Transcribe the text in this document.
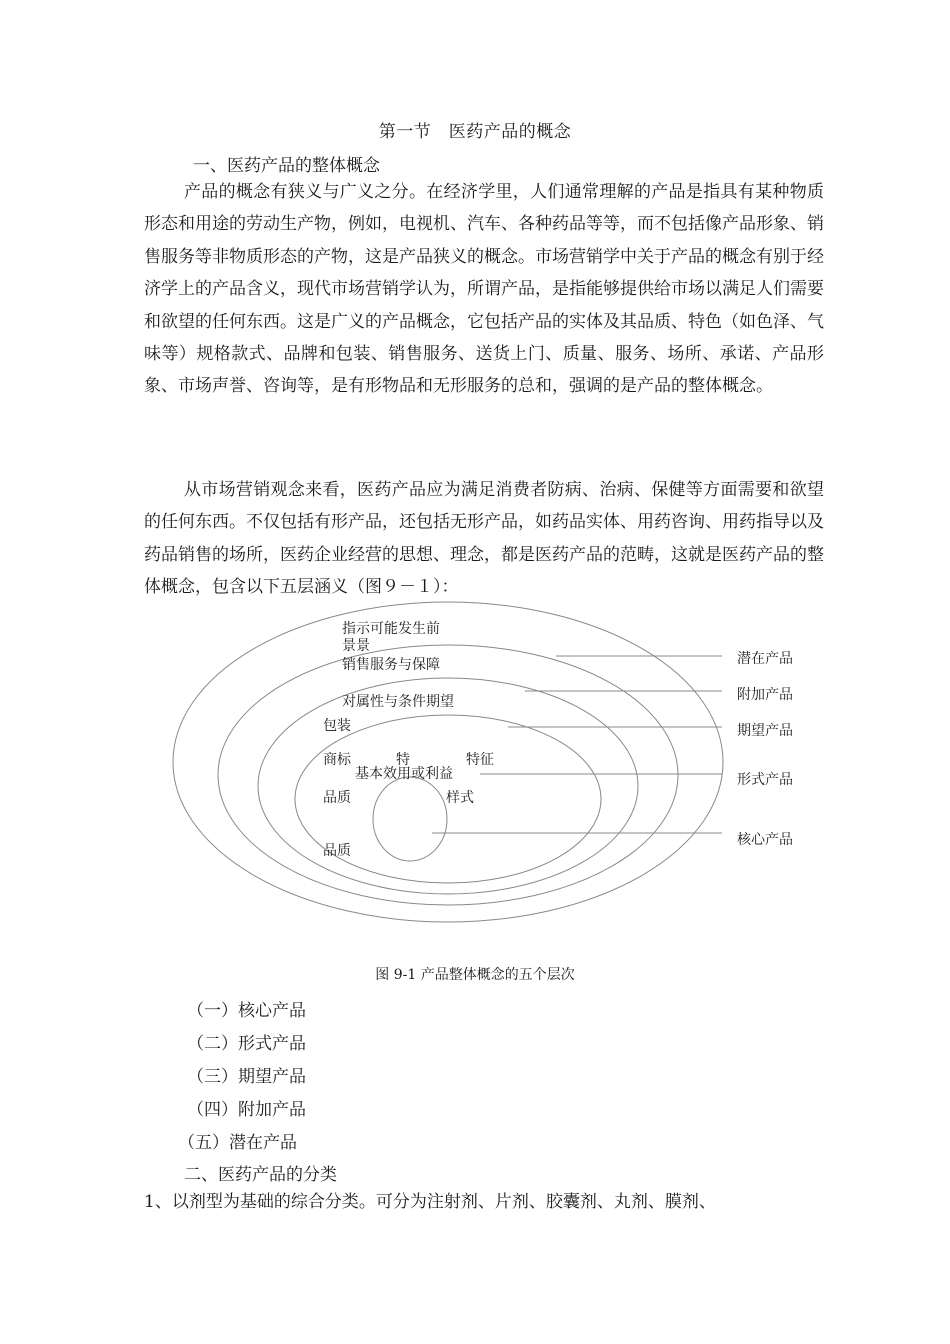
第一节　医药产品的概念
一、医药产品的整体概念
产品的概念有狭义与广义之分。在经济学里，人们通常理解的产品是指具有某种物质形态和用途的劳动生产物，例如，电视机、汽车、各种药品等等，而不包括像产品形象、销售服务等非物质形态的产物，这是产品狭义的概念。市场营销学中关于产品的概念有别于经济学上的产品含义，现代市场营销学认为，所谓产品，是指能够提供给市场以满足人们需要和欲望的任何东西。这是广义的产品概念，它包括产品的实体及其品质、特色（如色泽、气味等）规格款式、品牌和包装、销售服务、送货上门、质量、服务、场所、承诺、产品形象、市场声誉、咨询等，是有形物品和无形服务的总和，强调的是产品的整体概念。
从市场营销观念来看，医药产品应为满足消费者防病、治病、保健等方面需要和欲望的任何东西。不仅包括有形产品，还包括无形产品，如药品实体、用药咨询、用药指导以及药品销售的场所，医药企业经营的思想、理念，都是医药产品的范畴，这就是医药产品的整体概念，包含以下五层涵义（图９－１）：
指示可能发生前
景景
销售服务与保障
对属性与条件期望
包装
商标	特	特征
基本效用或利益
品质	样式
品质
潜在产品
附加产品
期望产品
形式产品
核心产品
图 9-1 产品整体概念的五个层次
（一）核心产品
（二）形式产品
（三）期望产品
（四）附加产品
（五）潜在产品
二、医药产品的分类
1、以剂型为基础的综合分类。可分为注射剂、片剂、胶囊剂、丸剂、膜剂、
